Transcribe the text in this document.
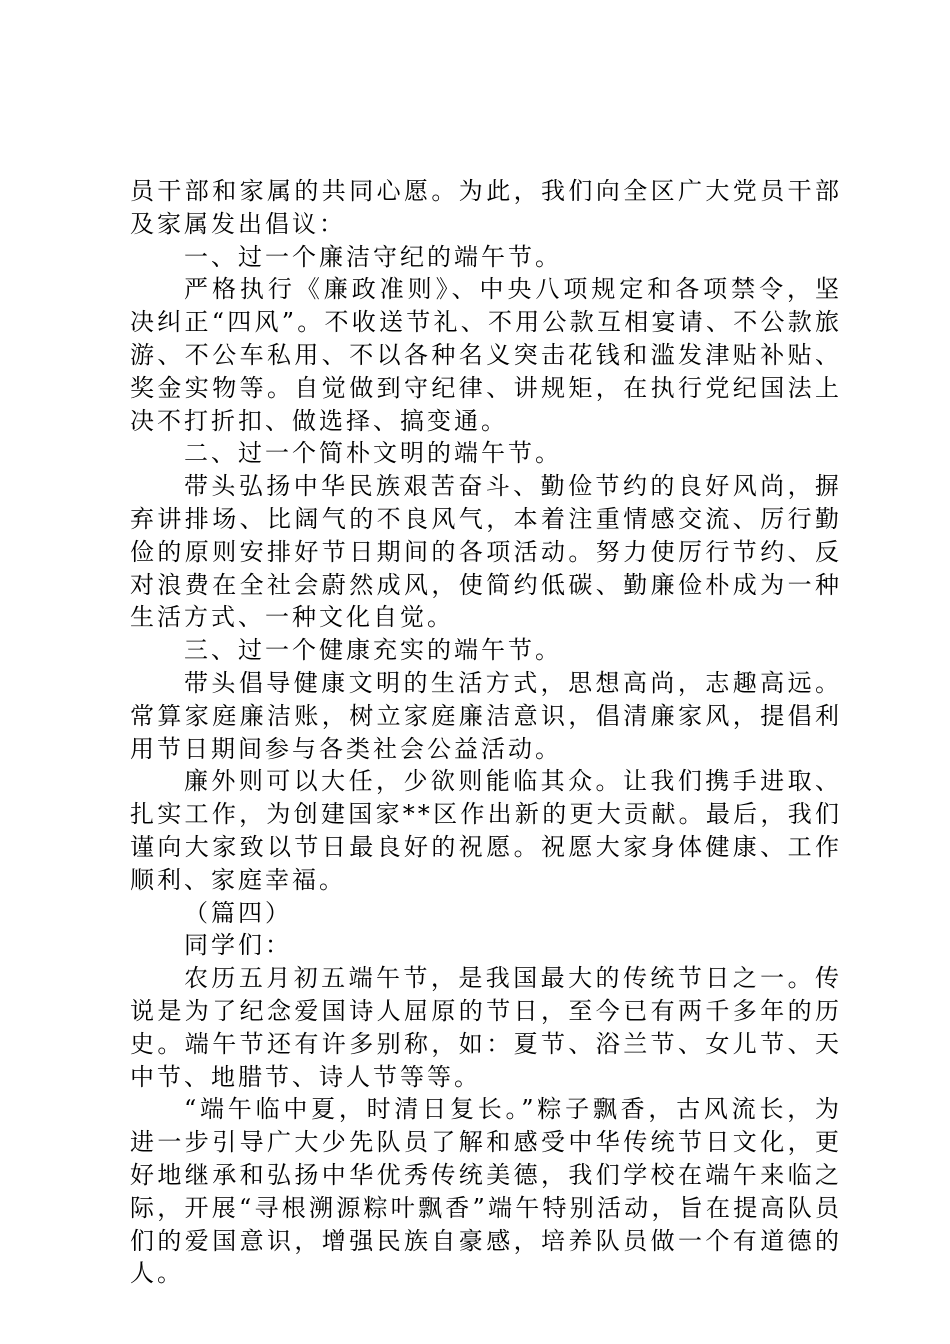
员干部和家属的共同心愿。为此，我们向全区广大党员干部及家属发出倡议：

一、过一个廉洁守纪的端午节。

严格执行《廉政准则》、中央八项规定和各项禁令，坚决纠正“四风”。不收送节礼、不用公款互相宴请、不公款旅游、不公车私用、不以各种名义突击花钱和滥发津贴补贴、奖金实物等。自觉做到守纪律、讲规矩，在执行党纪国法上决不打折扣、做选择、搞变通。

二、过一个简朴文明的端午节。

带头弘扬中华民族艰苦奋斗、勤俭节约的良好风尚，摒弃讲排场、比阔气的不良风气，本着注重情感交流、厉行勤俭的原则安排好节日期间的各项活动。努力使厉行节约、反对浪费在全社会蔚然成风，使简约低碳、勤廉俭朴成为一种生活方式、一种文化自觉。

三、过一个健康充实的端午节。

带头倡导健康文明的生活方式，思想高尚，志趣高远。常算家庭廉洁账，树立家庭廉洁意识，倡清廉家风，提倡利用节日期间参与各类社会公益活动。

廉外则可以大任，少欲则能临其众。让我们携手进取、扎实工作，为创建国家**区作出新的更大贡献。最后，我们谨向大家致以节日最良好的祝愿。祝愿大家身体健康、工作顺利、家庭幸福。

（篇四）

同学们：

农历五月初五端午节，是我国最大的传统节日之一。传说是为了纪念爱国诗人屈原的节日，至今已有两千多年的历史。端午节还有许多别称，如：夏节、浴兰节、女儿节、天中节、地腊节、诗人节等等。

“端午临中夏，时清日复长。”粽子飘香，古风流长，为进一步引导广大少先队员了解和感受中华传统节日文化，更好地继承和弘扬中华优秀传统美德，我们学校在端午来临之际，开展“寻根溯源粽叶飘香”端午特别活动，旨在提高队员们的爱国意识，增强民族自豪感，培养队员做一个有道德的人。
